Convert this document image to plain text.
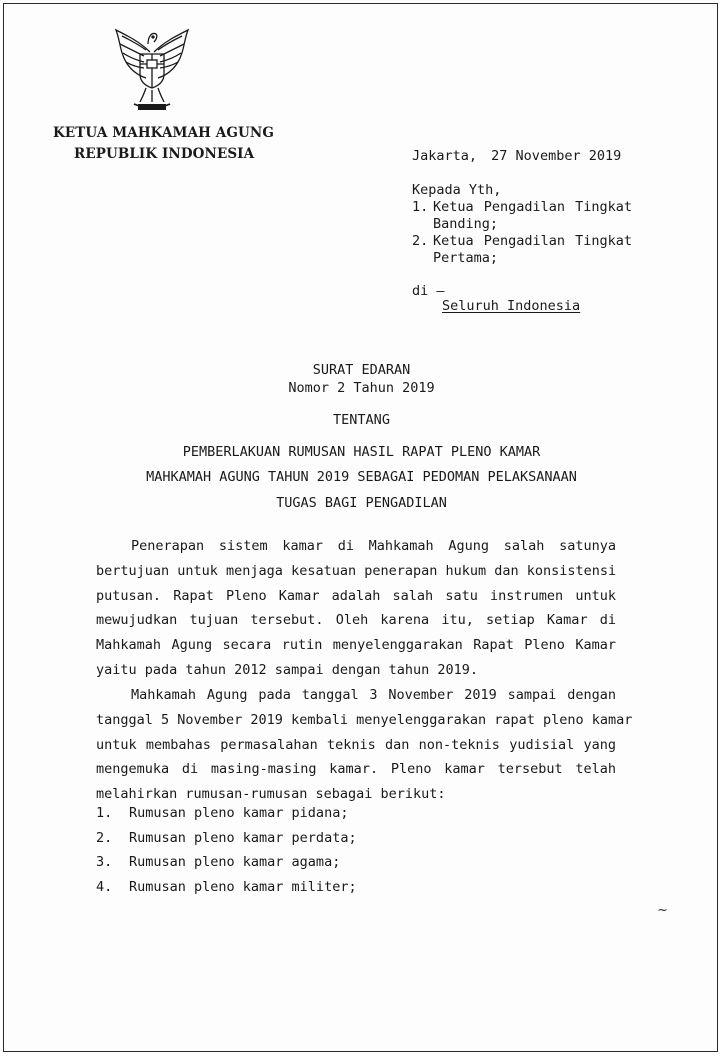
KETUA MAHKAMAH AGUNG
REPUBLIK INDONESIA	Jakarta, 27 November 2019
Kepada Yth,
1. Ketua Pengadilan Tingkat
Banding;
2. Ketua Pengadilan Tingkat
Pertama;
di –
Seluruh Indonesia
SURAT EDARAN
Nomor 2 Tahun 2019
TENTANG
PEMBERLAKUAN RUMUSAN HASIL RAPAT PLENO KAMAR
MAHKAMAH AGUNG TAHUN 2019 SEBAGAI PEDOMAN PELAKSANAAN
TUGAS BAGI PENGADILAN
Penerapan sistem kamar di Mahkamah Agung salah satunya
bertujuan untuk menjaga kesatuan penerapan hukum dan konsistensi
putusan. Rapat Pleno Kamar adalah salah satu instrumen untuk
mewujudkan tujuan tersebut. Oleh karena itu, setiap Kamar di
Mahkamah Agung secara rutin menyelenggarakan Rapat Pleno Kamar
yaitu pada tahun 2012 sampai dengan tahun 2019.
Mahkamah Agung pada tanggal 3 November 2019 sampai dengan
tanggal 5 November 2019 kembali menyelenggarakan rapat pleno kamar
untuk membahas permasalahan teknis dan non-teknis yudisial yang
mengemuka di masing-masing kamar. Pleno kamar tersebut telah
melahirkan rumusan-rumusan sebagai berikut:
1. Rumusan pleno kamar pidana;
2. Rumusan pleno kamar perdata;
3. Rumusan pleno kamar agama;
4. Rumusan pleno kamar militer;
~
